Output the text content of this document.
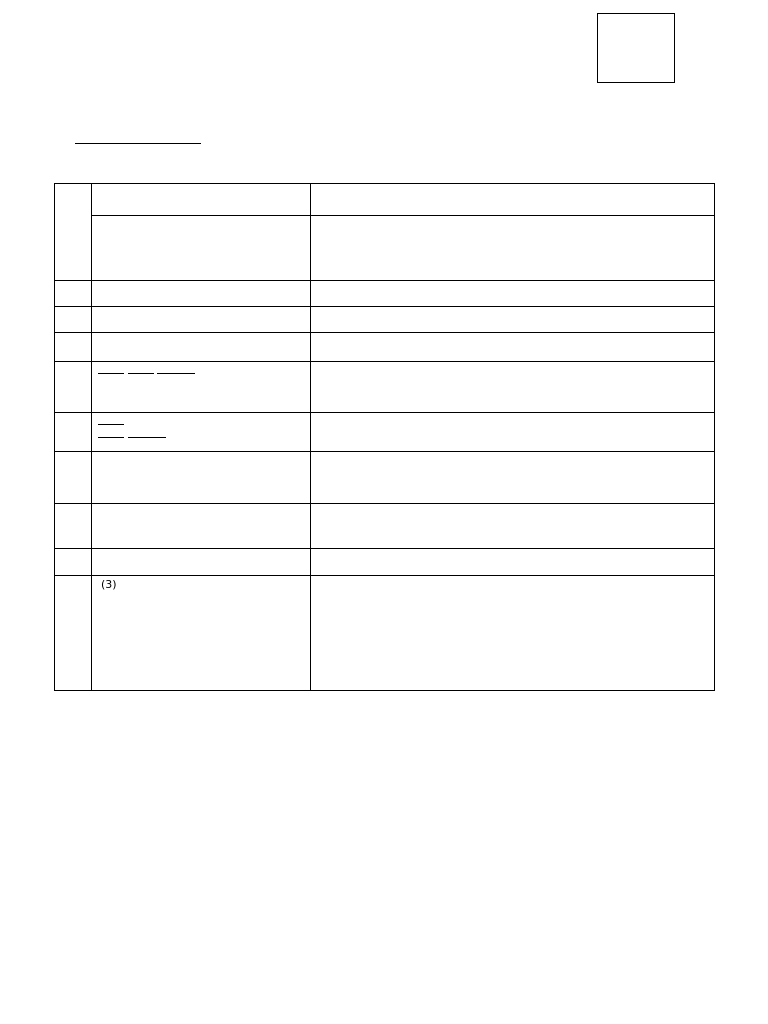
	(3)	
